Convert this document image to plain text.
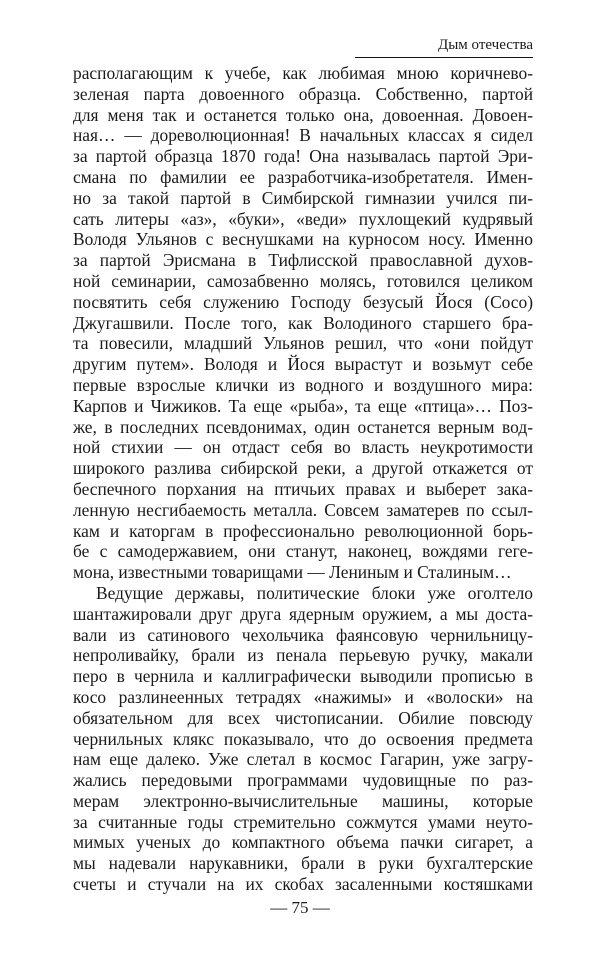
Дым отечества
располагающим к учебе, как любимая мною коричнево-
зеленая парта довоенного образца. Собственно, партой
для меня так и останется только она, довоенная. Довоен-
ная… — дореволюционная! В начальных классах я сидел
за партой образца 1870 года! Она называлась партой Эри-
смана по фамилии ее разработчика-изобретателя. Имен-
но за такой партой в Симбирской гимназии учился пи-
сать литеры «аз», «буки», «веди» пухлощекий кудрявый
Володя Ульянов с веснушками на курносом носу. Именно
за партой Эрисмана в Тифлисской православной духов-
ной семинарии, самозабвенно молясь, готовился целиком
посвятить себя служению Господу безусый Йося (Сосо)
Джугашвили. После того, как Володиного старшего бра-
та повесили, младший Ульянов решил, что «они пойдут
другим путем». Володя и Йося вырастут и возьмут себе
первые взрослые клички из водного и воздушного мира:
Карпов и Чижиков. Та еще «рыба», та еще «птица»… Поз-
же, в последних псевдонимах, один останется верным вод-
ной стихии — он отдаст себя во власть неукротимости
широкого разлива сибирской реки, а другой откажется от
беспечного порхания на птичьих правах и выберет зака-
ленную несгибаемость металла. Совсем заматерев по ссыл-
кам и каторгам в профессионально революционной борь-
бе с самодержавием, они станут, наконец, вождями геге-
мона, известными товарищами — Лениным и Сталиным…
Ведущие державы, политические блоки уже оголтело
шантажировали друг друга ядерным оружием, а мы доста-
вали из сатинового чехольчика фаянсовую чернильницу-
непроливайку, брали из пенала перьевую ручку, макали
перо в чернила и каллиграфически выводили прописью в
косо разлинеенных тетрадях «нажимы» и «волоски» на
обязательном для всех чистописании. Обилие повсюду
чернильных клякс показывало, что до освоения предмета
нам еще далеко. Уже слетал в космос Гагарин, уже загру-
жались передовыми программами чудовищные по раз-
мерам электронно-вычислительные машины, которые
за считанные годы стремительно сожмутся умами неуто-
мимых ученых до компактного объема пачки сигарет, а
мы надевали нарукавники, брали в руки бухгалтерские
счеты и стучали на их скобах засаленными костяшками
— 75 —
